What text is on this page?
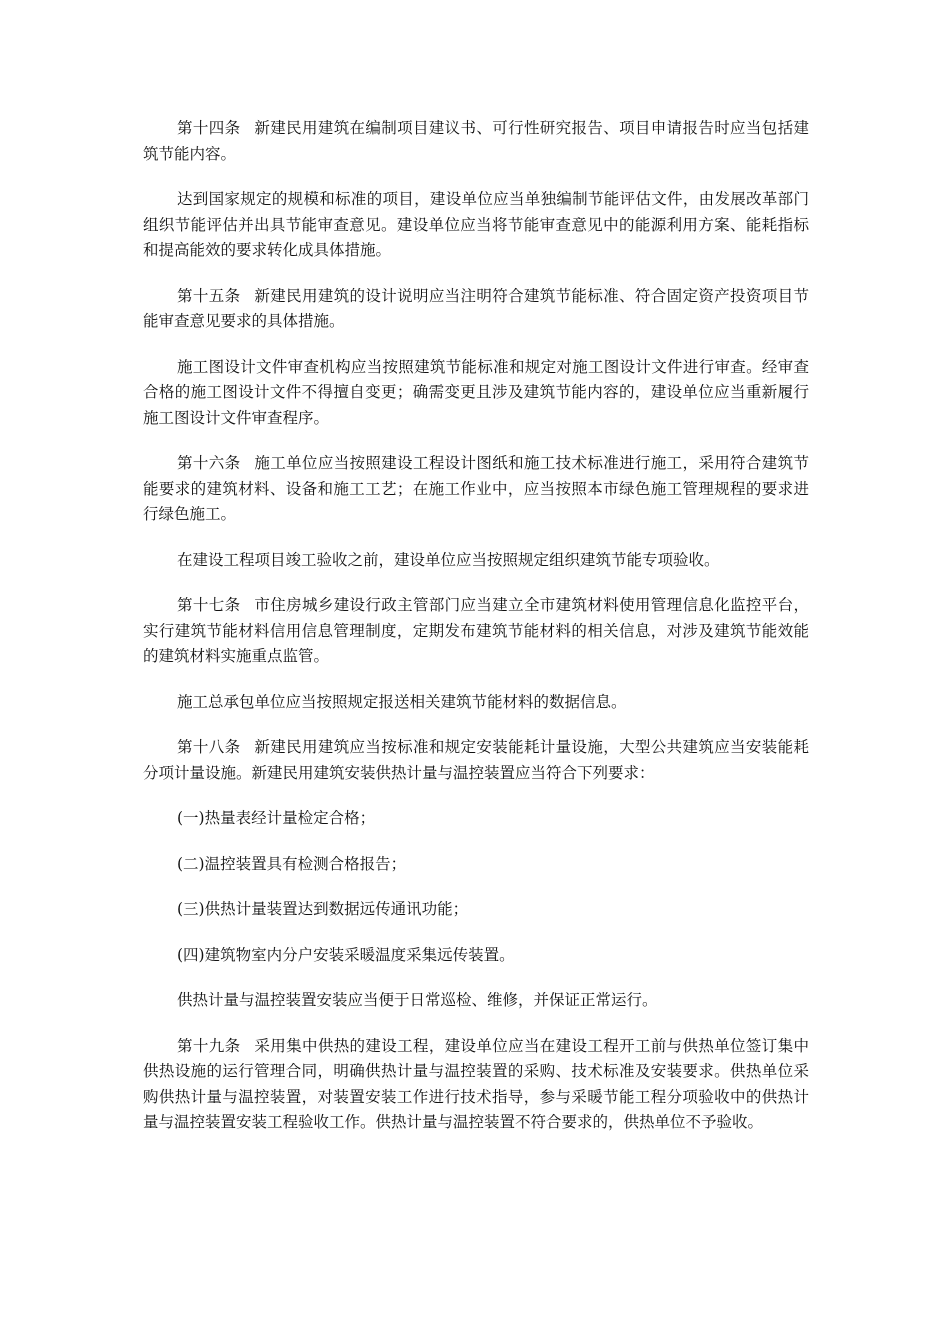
第十四条 新建民用建筑在编制项目建议书、可行性研究报告、项目申请报告时应当包括建筑节能内容。

达到国家规定的规模和标准的项目，建设单位应当单独编制节能评估文件，由发展改革部门组织节能评估并出具节能审查意见。建设单位应当将节能审查意见中的能源利用方案、能耗指标和提高能效的要求转化成具体措施。

第十五条 新建民用建筑的设计说明应当注明符合建筑节能标准、符合固定资产投资项目节能审查意见要求的具体措施。

施工图设计文件审查机构应当按照建筑节能标准和规定对施工图设计文件进行审查。经审查合格的施工图设计文件不得擅自变更；确需变更且涉及建筑节能内容的，建设单位应当重新履行施工图设计文件审查程序。

第十六条 施工单位应当按照建设工程设计图纸和施工技术标准进行施工，采用符合建筑节能要求的建筑材料、设备和施工工艺；在施工作业中，应当按照本市绿色施工管理规程的要求进行绿色施工。

在建设工程项目竣工验收之前，建设单位应当按照规定组织建筑节能专项验收。

第十七条 市住房城乡建设行政主管部门应当建立全市建筑材料使用管理信息化监控平台，实行建筑节能材料信用信息管理制度，定期发布建筑节能材料的相关信息，对涉及建筑节能效能的建筑材料实施重点监管。

施工总承包单位应当按照规定报送相关建筑节能材料的数据信息。

第十八条 新建民用建筑应当按标准和规定安装能耗计量设施，大型公共建筑应当安装能耗分项计量设施。新建民用建筑安装供热计量与温控装置应当符合下列要求：

(一)热量表经计量检定合格；

(二)温控装置具有检测合格报告；

(三)供热计量装置达到数据远传通讯功能；

(四)建筑物室内分户安装采暖温度采集远传装置。

供热计量与温控装置安装应当便于日常巡检、维修，并保证正常运行。

第十九条 采用集中供热的建设工程，建设单位应当在建设工程开工前与供热单位签订集中供热设施的运行管理合同，明确供热计量与温控装置的采购、技术标准及安装要求。供热单位采购供热计量与温控装置，对装置安装工作进行技术指导，参与采暖节能工程分项验收中的供热计量与温控装置安装工程验收工作。供热计量与温控装置不符合要求的，供热单位不予验收。
